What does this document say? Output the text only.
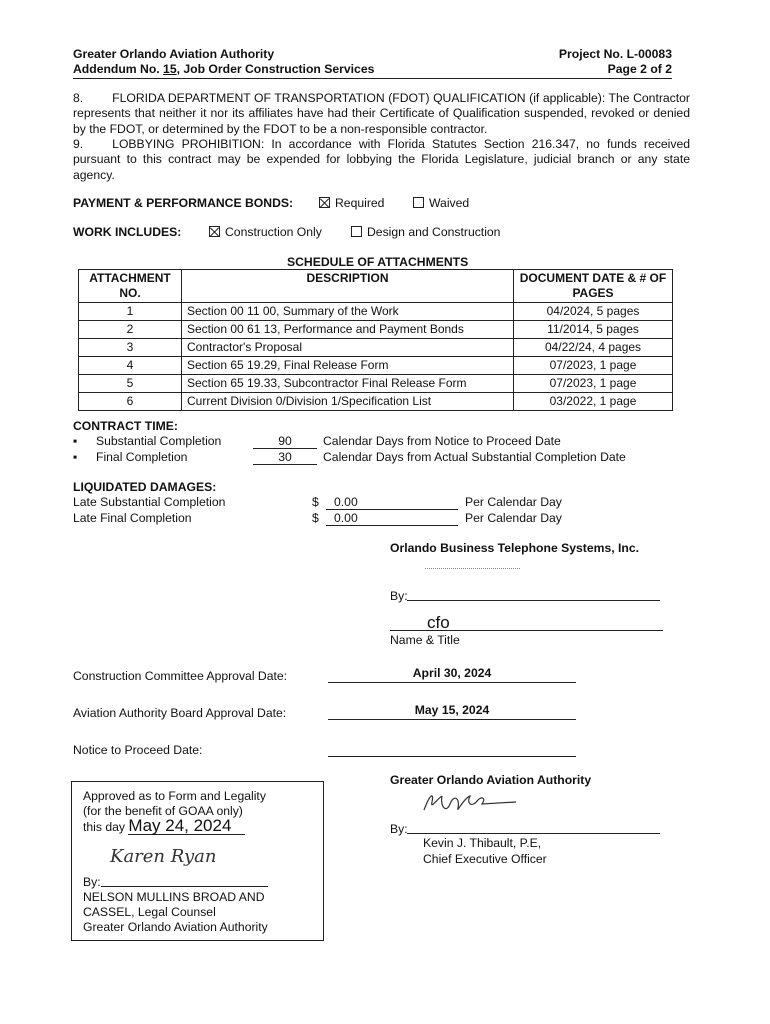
Greater Orlando Aviation Authority	Project No. L-00083
Addendum No. 15, Job Order Construction Services	Page 2 of 2
8. FLORIDA DEPARTMENT OF TRANSPORTATION (FDOT) QUALIFICATION (if applicable): The Contractor represents that neither it nor its affiliates have had their Certificate of Qualification suspended, revoked or denied by the FDOT, or determined by the FDOT to be a non-responsible contractor.
9. LOBBYING PROHIBITION: In accordance with Florida Statutes Section 216.347, no funds received pursuant to this contract may be expended for lobbying the Florida Legislature, judicial branch or any state agency.
PAYMENT & PERFORMANCE BONDS:	Required	Waived
WORK INCLUDES:	Construction Only	Design and Construction
SCHEDULE OF ATTACHMENTS
ATTACHMENT NO.	DESCRIPTION	DOCUMENT DATE & # OF PAGES
1	Section 00 11 00, Summary of the Work	04/2024, 5 pages
2	Section 00 61 13, Performance and Payment Bonds	11/2014, 5 pages
3	Contractor's Proposal	04/22/24, 4 pages
4	Section 65 19.29, Final Release Form	07/2023, 1 page
5	Section 65 19.33, Subcontractor Final Release Form	07/2023, 1 page
6	Current Division 0/Division 1/Specification List	03/2022, 1 page
CONTRACT TIME:
▪ Substantial Completion	90	Calendar Days from Notice to Proceed Date
▪ Final Completion	30	Calendar Days from Actual Substantial Completion Date
LIQUIDATED DAMAGES:
Late Substantial Completion	$	0.00	Per Calendar Day
Late Final Completion	$	0.00	Per Calendar Day
Orlando Business Telephone Systems, Inc.
By:
cfo
Name & Title
Construction Committee Approval Date:	April 30, 2024
Aviation Authority Board Approval Date:	May 15, 2024
Notice to Proceed Date:
Approved as to Form and Legality
(for the benefit of GOAA only)
this day May 24, 2024
Karen Ryan
By:
NELSON MULLINS BROAD AND
CASSEL, Legal Counsel
Greater Orlando Aviation Authority
Greater Orlando Aviation Authority
By:
Kevin J. Thibault, P.E,
Chief Executive Officer
